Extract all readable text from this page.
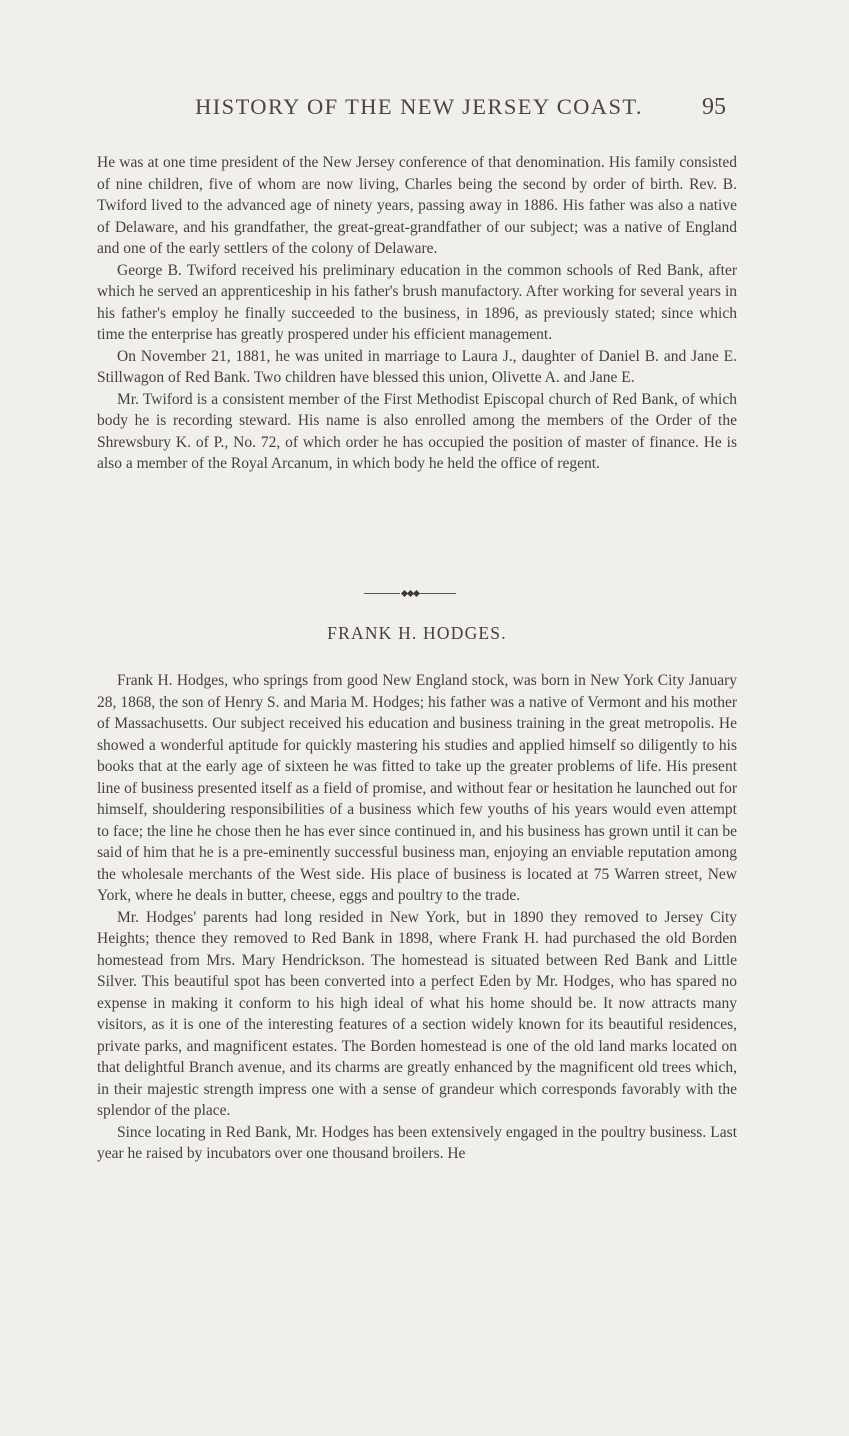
HISTORY OF THE NEW JERSEY COAST.	95

He was at one time president of the New Jersey conference of that denomination. His family consisted of nine children, five of whom are now living, Charles being the second by order of birth. Rev. B. Twiford lived to the advanced age of ninety years, passing away in 1886. His father was also a native of Delaware, and his grandfather, the great-great-grandfather of our subject; was a native of England and one of the early settlers of the colony of Delaware.

George B. Twiford received his preliminary education in the common schools of Red Bank, after which he served an apprenticeship in his father's brush manufactory. After working for several years in his father's employ he finally succeeded to the business, in 1896, as previously stated; since which time the enterprise has greatly prospered under his efficient management.

On November 21, 1881, he was united in marriage to Laura J., daughter of Daniel B. and Jane E. Stillwagon of Red Bank. Two children have blessed this union, Olivette A. and Jane E.

Mr. Twiford is a consistent member of the First Methodist Episcopal church of Red Bank, of which body he is recording steward. His name is also enrolled among the members of the Order of the Shrewsbury K. of P., No. 72, of which order he has occupied the position of master of finance. He is also a member of the Royal Arcanum, in which body he held the office of regent.

FRANK H. HODGES.

Frank H. Hodges, who springs from good New England stock, was born in New York City January 28, 1868, the son of Henry S. and Maria M. Hodges; his father was a native of Vermont and his mother of Massachusetts. Our subject received his education and business training in the great metropolis. He showed a wonderful aptitude for quickly mastering his studies and applied himself so diligently to his books that at the early age of sixteen he was fitted to take up the greater problems of life. His present line of business presented itself as a field of promise, and without fear or hesitation he launched out for himself, shouldering responsibilities of a business which few youths of his years would even attempt to face; the line he chose then he has ever since continued in, and his business has grown until it can be said of him that he is a pre-eminently successful business man, enjoying an enviable reputation among the wholesale merchants of the West side. His place of business is located at 75 Warren street, New York, where he deals in butter, cheese, eggs and poultry to the trade.

Mr. Hodges' parents had long resided in New York, but in 1890 they removed to Jersey City Heights; thence they removed to Red Bank in 1898, where Frank H. had purchased the old Borden homestead from Mrs. Mary Hendrickson. The homestead is situated between Red Bank and Little Silver. This beautiful spot has been converted into a perfect Eden by Mr. Hodges, who has spared no expense in making it conform to his high ideal of what his home should be. It now attracts many visitors, as it is one of the interesting features of a section widely known for its beautiful residences, private parks, and magnificent estates. The Borden homestead is one of the old land marks located on that delightful Branch avenue, and its charms are greatly enhanced by the magnificent old trees which, in their majestic strength impress one with a sense of grandeur which corresponds favorably with the splendor of the place.

Since locating in Red Bank, Mr. Hodges has been extensively engaged in the poultry business. Last year he raised by incubators over one thousand broilers. He
